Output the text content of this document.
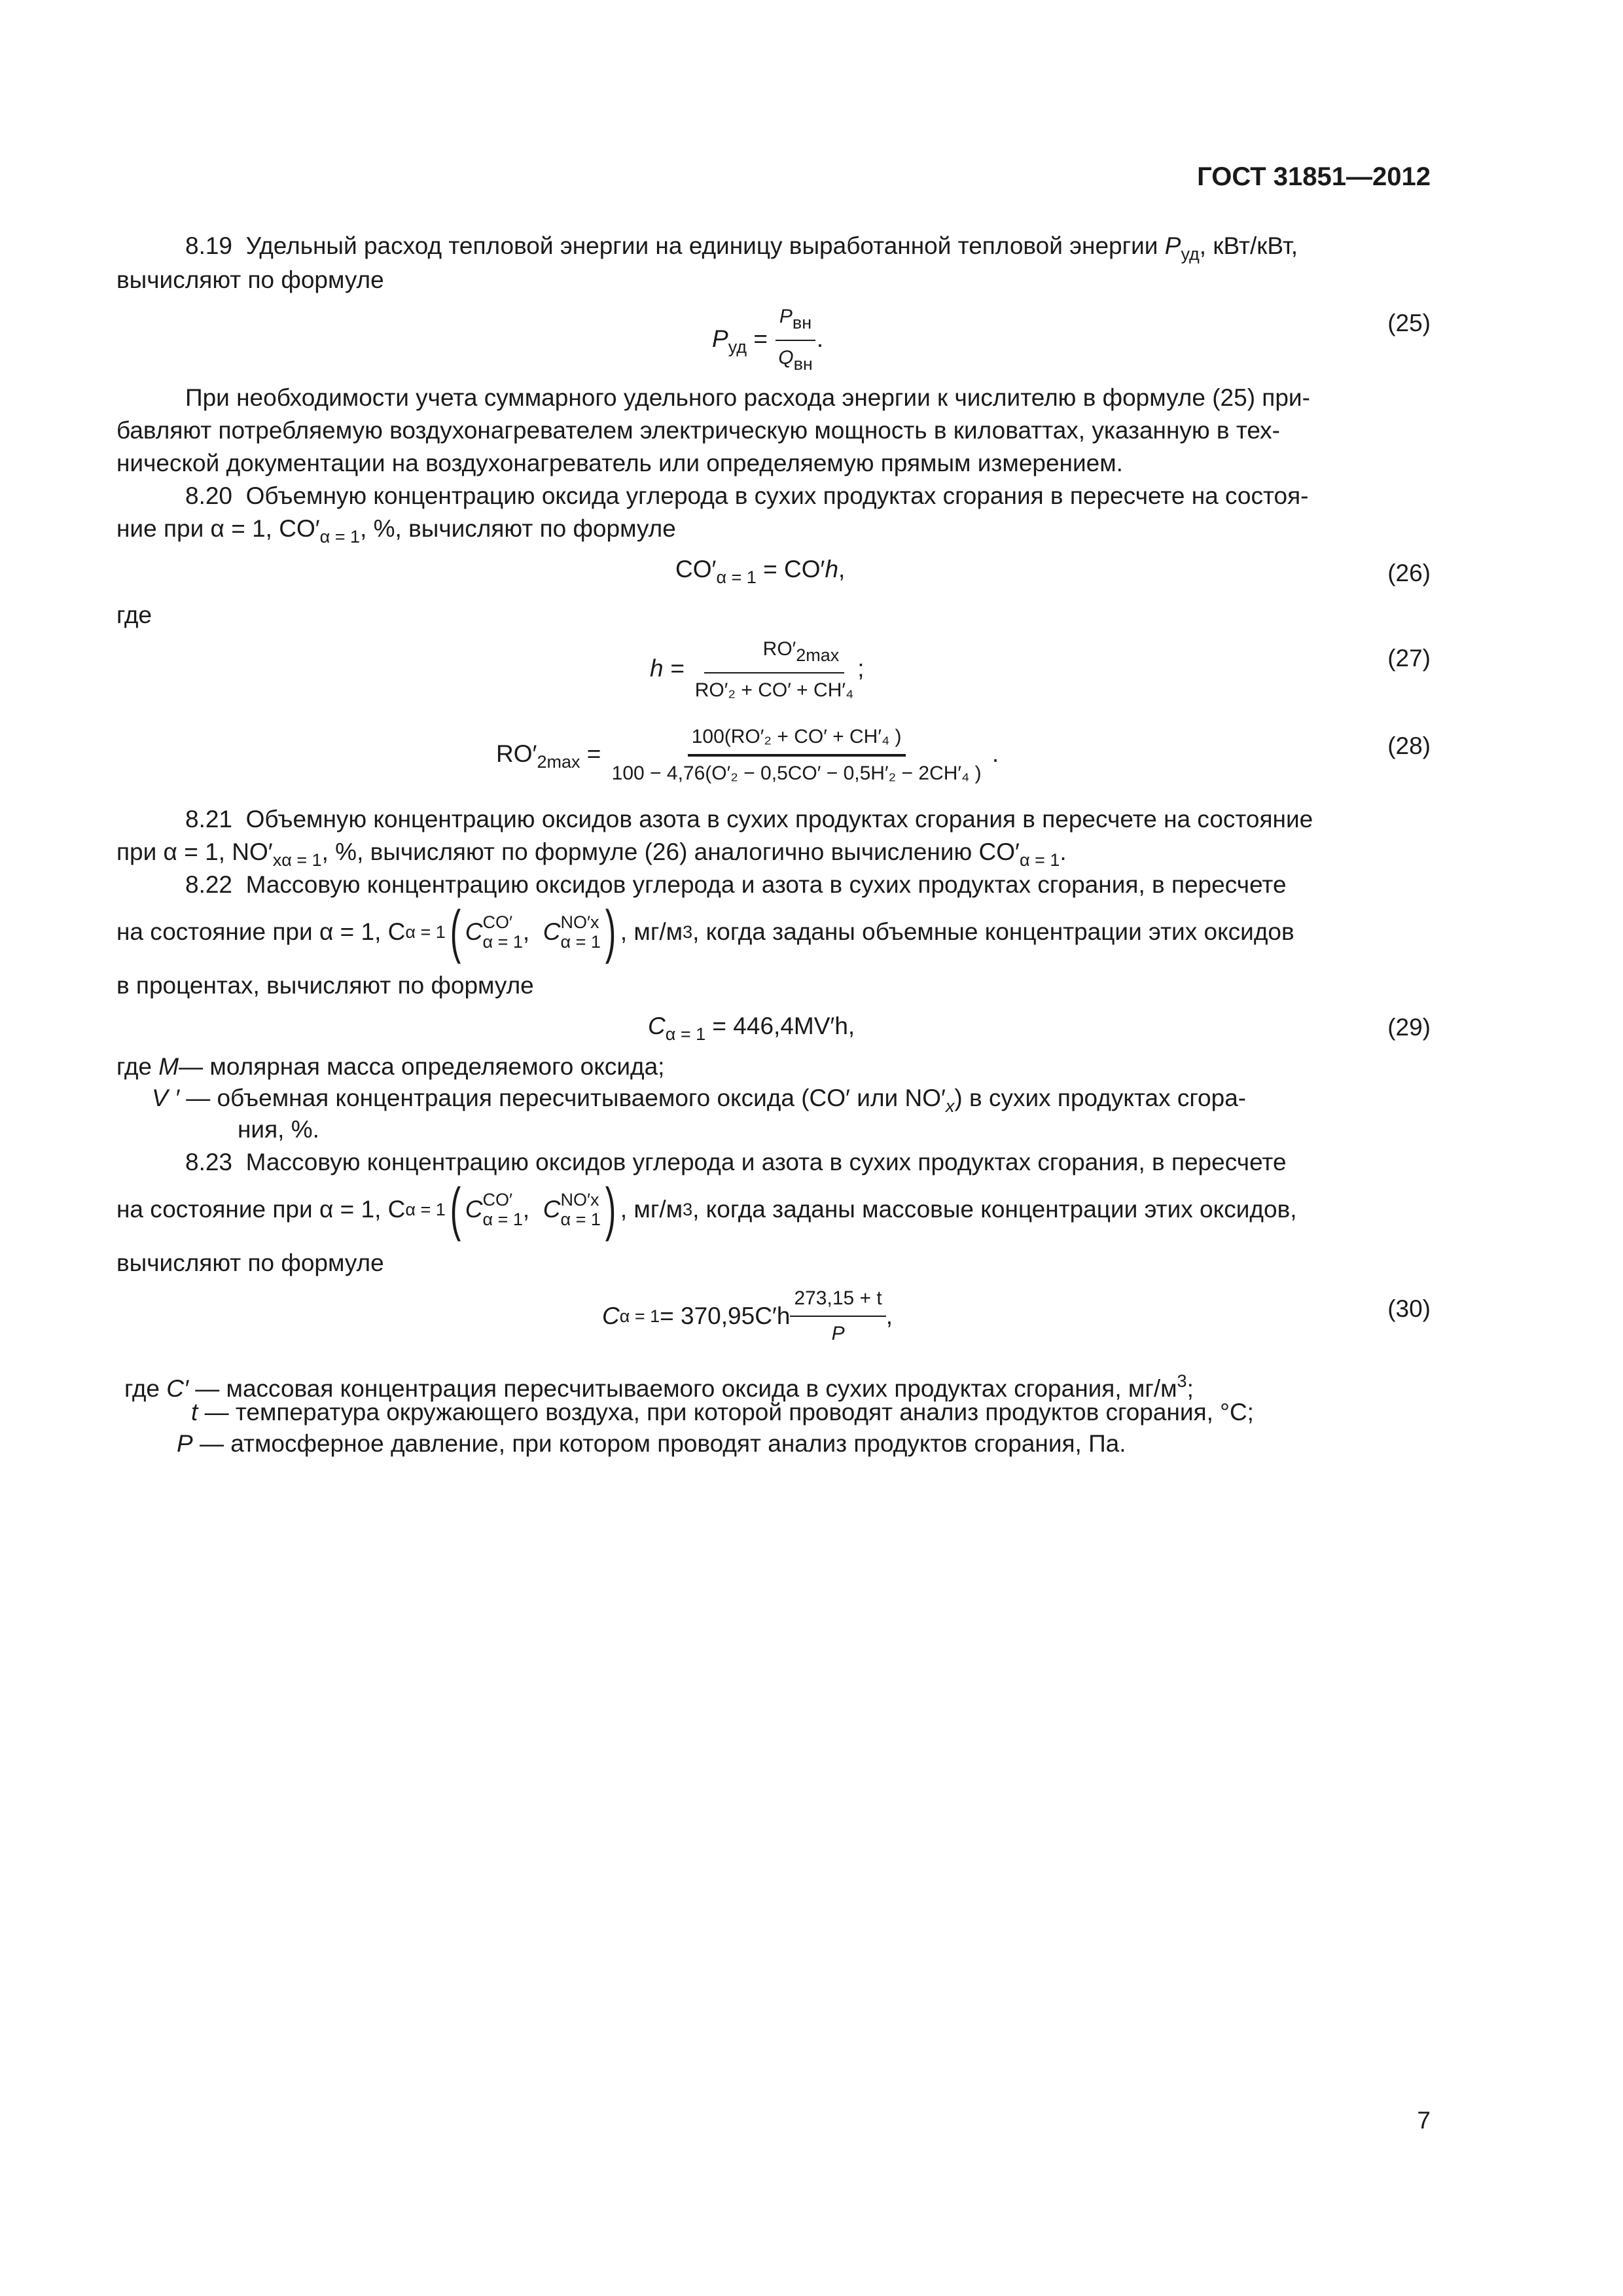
ГОСТ 31851—2012
8.19 Удельный расход тепловой энергии на единицу выработанной тепловой энергии $P_{уд}$, кВт/кВт,
вычисляют по формуле
$P_{уд} = \frac{\text{Pвн}}{\text{Qвн}}$ .
(25)
При необходимости учета суммарного удельного расхода энергии к числителю в формуле (25) при-
бавляют потребляемую воздухонагревателем электрическую мощность в киловаттах, указанную в тех-
нической документации на воздухонагреватель или определяемую прямым измерением.
8.20 Объемную концентрацию оксида углерода в сухих продуктах сгорания в пересчете на состоя-
ние при α = 1, $CO'_{\alpha = 1}$, %, вычисляют по формуле
$CO'_{\alpha = 1} = CO'h$,	(26)
где
$h = \frac{RO'2\max}{\text{RO′₂ + CO′ + CH′₄}}$ ;	(27)
$RO'_{2max} = \frac{\text{100(RO′₂ + CO′ + CH′₄ )}}{\text{100 − 4,76(O′₂ − 0,5CO′ − 0,5H′₂ − 2CH′₄ )}}$ .	(28)
8.21 Объемную концентрацию оксидов азота в сухих продуктах сгорания в пересчете на состояние
при α = 1, $NO'_{x\alpha = 1}$, %, вычисляют по формуле (26) аналогично вычислению $CO'_{\alpha = 1}$.
8.22 Массовую концентрацию оксидов углерода и азота в сухих продуктах сгорания, в пересчете
на состояние при α = 1, C α = 1 ( C CO′
α = 1 ,
C NO′x
α = 1 ) , мг/м 3 , когда заданы объемные концентрации этих оксидов
в процентах, вычисляют по формуле
$C_{\alpha = 1} = 446,4MV'h$,	(29)
где M— молярная масса определяемого оксида;
V ′ — объемная концентрация пересчитываемого оксида (CO′ или $NO'_x$) в сухих продуктах сгора-
ния, %.
8.23 Массовую концентрацию оксидов углерода и азота в сухих продуктах сгорания, в пересчете
на состояние при α = 1, C α = 1 ( C CO′
α = 1 ,
C NO′x
α = 1 ) , мг/м 3 , когда заданы массовые концентрации этих оксидов,
вычисляют по формуле
C $\alpha = 1 = 370,95C'h \frac{273,15 + t}{P}$ ,	(30)
где C′ — массовая концентрация пересчитываемого оксида в сухих продуктах сгорания, $мг/м^3$;
t — температура окружающего воздуха, при которой проводят анализ продуктов сгорания, °С;
P — атмосферное давление, при котором проводят анализ продуктов сгорания, Па.
7
